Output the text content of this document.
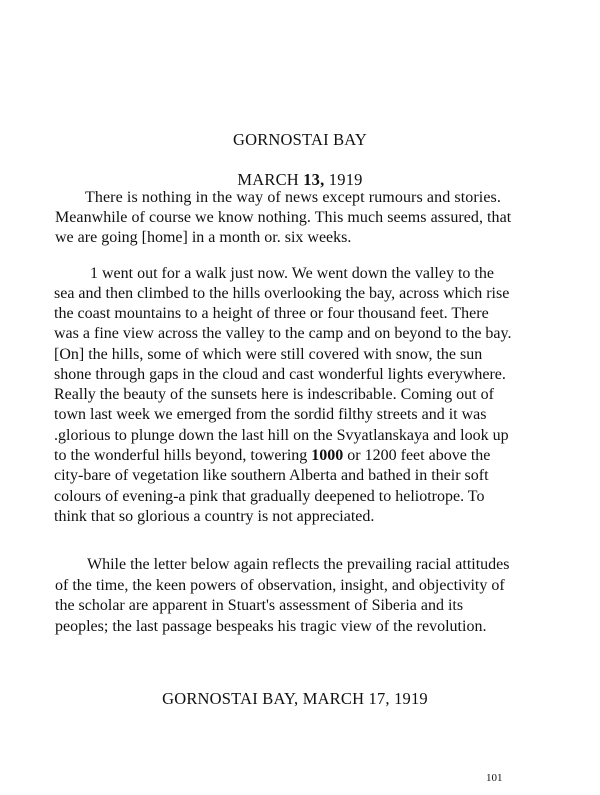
GORNOSTAI BAY
MARCH 13, 1919
There is nothing in the way of news except rumours and stories.
Meanwhile of course we know nothing. This much seems assured, that
we are going [home] in a month or. six weeks.
1 went out for a walk just now. We went down the valley to the
sea and then climbed to the hills overlooking the bay, across which rise
the coast mountains to a height of three or four thousand feet. There
was a fine view across the valley to the camp and on beyond to the bay.
[On] the hills, some of which were still covered with snow, the sun
shone through gaps in the cloud and cast wonderful lights everywhere.
Really the beauty of the sunsets here is indescribable. Coming out of
town last week we emerged from the sordid filthy streets and it was
.glorious to plunge down the last hill on the Svyatlanskaya and look up
to the wonderful hills beyond, towering 1000 or 1200 feet above the
city-bare of vegetation like southern Alberta and bathed in their soft
colours of evening-a pink that gradually deepened to heliotrope. To
think that so glorious a country is not appreciated.
While the letter below again reflects the prevailing racial attitudes
of the time, the keen powers of observation, insight, and objectivity of
the scholar are apparent in Stuart's assessment of Siberia and its
peoples; the last passage bespeaks his tragic view of the revolution.
GORNOSTAI BAY, MARCH 17, 1919
101
